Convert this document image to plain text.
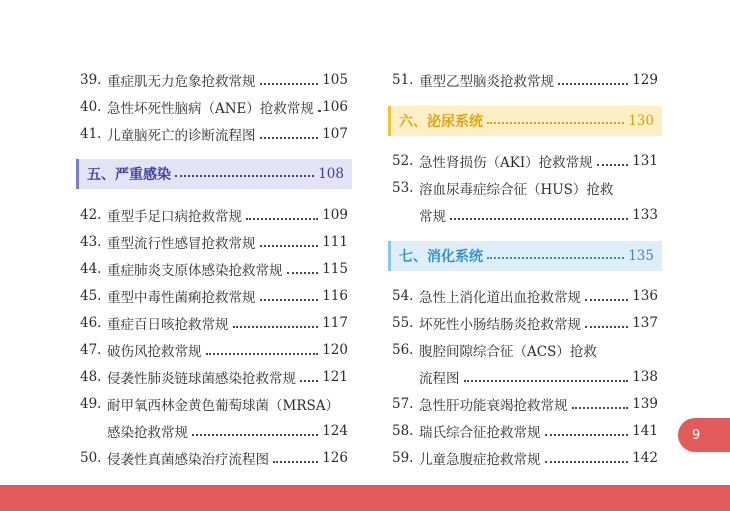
39. 重症肌无力危象抢救常规	105
40. 急性坏死性脑病（ANE）抢救常规 106
41. 儿童脑死亡的诊断流程图	107
五、严重感染	108
42. 重型手足口病抢救常规	109
43. 重型流行性感冒抢救常规	111
44. 重症肺炎支原体感染抢救常规	115
45. 重型中毒性菌痢抢救常规	116
46. 重症百日咳抢救常规	117
47. 破伤风抢救常规	120
48. 侵袭性肺炎链球菌感染抢救常规 121
49. 耐甲氧西林金黄色葡萄球菌（MRSA）
感染抢救常规	124
50. 侵袭性真菌感染治疗流程图	126
51. 重型乙型脑炎抢救常规	129
六、泌尿系统	130
52. 急性肾损伤（AKI）抢救常规	131
53. 溶血尿毒症综合征（HUS）抢救
常规	133
七、消化系统	135
54. 急性上消化道出血抢救常规	136
55. 坏死性小肠结肠炎抢救常规	137
56. 腹腔间隙综合征（ACS）抢救
流程图	138
57. 急性肝功能衰竭抢救常规	139
58. 瑞氏综合征抢救常规	141
59. 儿童急腹症抢救常规	142
9
